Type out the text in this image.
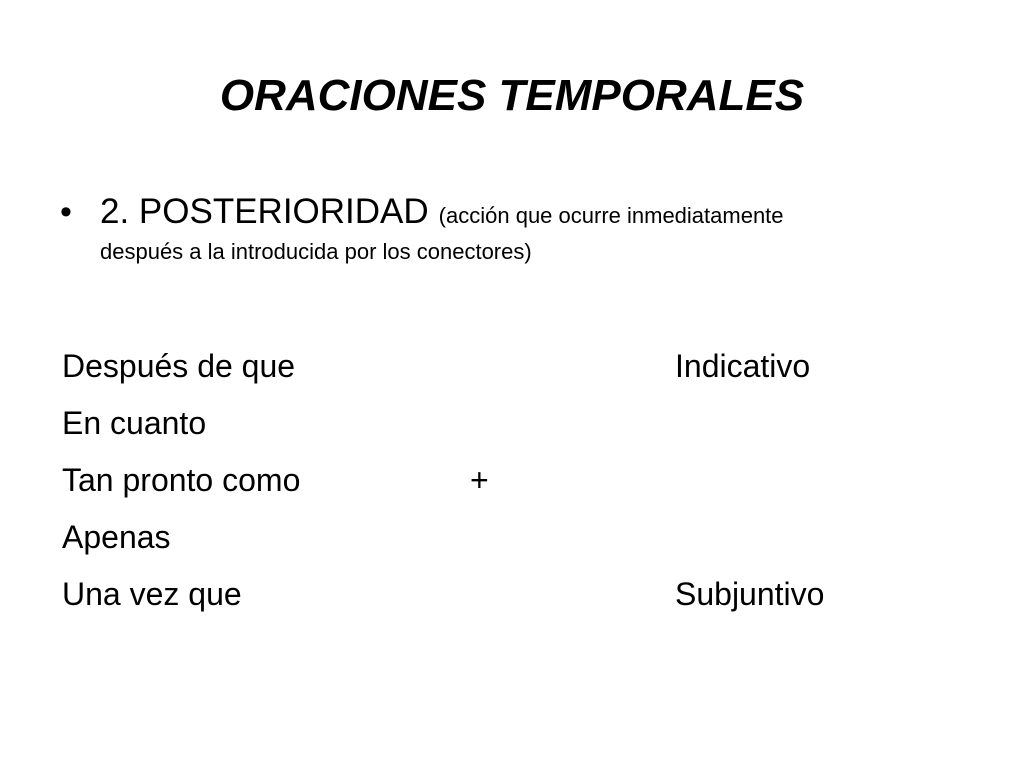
ORACIONES TEMPORALES
• 2. POSTERIORIDAD (acción que ocurre inmediatamente
después a la introducida por los conectores)
Después de que	Indicativo
En cuanto
Tan pronto como	+
Apenas
Una vez que	Subjuntivo
